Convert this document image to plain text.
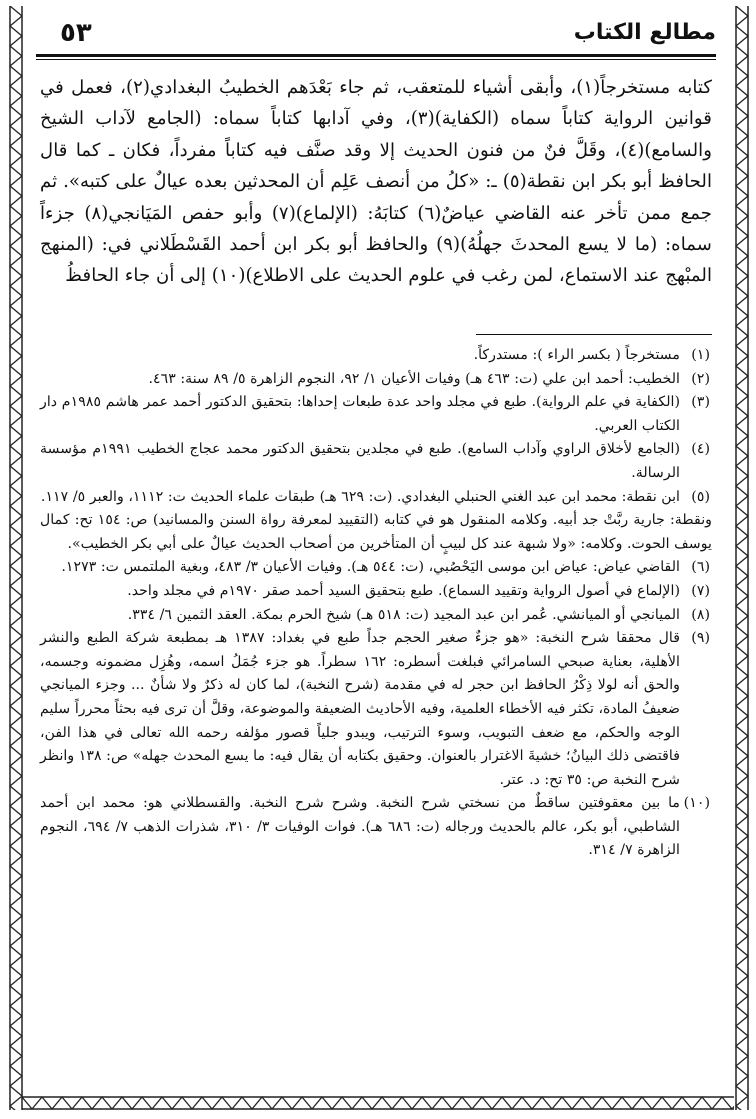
مطالع الكتاب
٥٣

كتابه مستخرجاً(١)، وأبقى أشياء للمتعقب، ثم جاء بَعْدَهم الخطيبُ البغدادي(٢)، فعمل في قوانين الرواية كتاباً سماه (الكفاية)(٣)، وفي آدابها كتاباً سماه: (الجامع لآداب الشيخ والسامع)(٤)، وقَلَّ فنٌ من فنون الحديث إلا وقد صنَّف فيه كتاباً مفرداً، فكان ـ كما قال الحافظ أبو بكر ابن نقطة(٥) ـ: «كلُ من أنصف عَلِم أن المحدثين بعده عيالٌ على كتبه». ثم جمع ممن تأخر عنه القاضي عياضٌ(٦) كتابَهُ: (الإلماع)(٧) وأبو حفص المَيَانجي(٨) جزءاً سماه: (ما لا يسع المحدثَ جهلُهُ)(٩) والحافظ أبو بكر ابن أحمد القَسْطَلاني في: (المنهج المبْهج عند الاستماع، لمن رغب في علوم الحديث على الاطلاع)(١٠) إلى أن جاء الحافظُ

(١)
مستخرجاً ( بكسر الراء ): مستدركاً.

(٢)
الخطيب: أحمد ابن علي (ت: ٤٦٣ هـ) وفيات الأعيان ١/ ٩٢، النجوم الزاهرة ٥/ ٨٩ سنة: ٤٦٣.

(٣)
(الكفاية في علم الرواية). طبع في مجلد واحد عدة طبعات إحداها: بتحقيق الدكتور أحمد عمر هاشم ١٩٨٥م دار الكتاب العربي.

(٤)
(الجامع لأخلاق الراوي وآداب السامع). طبع في مجلدين بتحقيق الدكتور محمد عجاج الخطيب ١٩٩١م مؤسسة الرسالة.

(٥)
ابن نقطة: محمد ابن عبد الغني الحنبلي البغدادي. (ت: ٦٢٩ هـ) طبقات علماء الحديث ت: ١١١٢، والعبر ٥/ ١١٧.

ونقطة: جارية ربَّتْ جد أبيه. وكلامه المنقول هو في كتابه (التقييد لمعرفة رواة السنن والمسانيد) ص: ١٥٤ تح: كمال يوسف الحوت. وكلامه: «ولا شبهة عند كل لبيبٍ أن المتأخرين من أصحاب الحديث عيالٌ على أبي بكر الخطيب».

(٦)
القاضي عياض: عياض ابن موسى اليَحْصُبي، (ت: ٥٤٤ هـ). وفيات الأعيان ٣/ ٤٨٣، وبغية الملتمس ت: ١٢٧٣.

(٧)
(الإلماع في أصول الرواية وتقييد السماع). طبع بتحقيق السيد أحمد صقر ١٩٧٠م في مجلد واحد.

(٨)
الميانجي أو الميانشي. عُمر ابن عبد المجيد (ت: ٥١٨ هـ) شيخ الحرم بمكة. العقد الثمين ٦/ ٣٣٤.

(٩)
قال محققا شرح النخبة: «هو جزءٌ صغير الحجم جداً طبع في بغداد: ١٣٨٧ هـ بمطبعة شركة الطبع والنشر الأهلية، بعناية صبحي السامرائي فبلغت أسطره: ١٦٢ سطراً. هو جزء جُمَلُ اسمه، وهُزِل مضمونه وجسمه، والحق أنه لولا ذِكْرُ الحافظ ابن حجر له في مقدمة (شرح النخبة)، لما كان له ذكرٌ ولا شأنٌ ... وجزء الميانجي ضعيفُ المادة، تكثر فيه الأخطاء العلمية، وفيه الأحاديث الضعيفة والموضوعة، وقلَّ أن ترى فيه بحثاً محرراً سليم الوجه والحكم، مع ضعف التبويب، وسوء الترتيب، ويبدو جلياً قصور مؤلفه رحمه الله تعالى في هذا الفن، فاقتضى ذلك البيانُ؛ خشيةَ الاغترار بالعنوان. وحقيق بكتابه أن يقال فيه: ما يسع المحدث جهله» ص: ١٣٨ وانظر شرح النخبة ص: ٣٥ تح: د. عتر.

(١٠)
ما بين معقوفتين ساقطٌ من نسختي شرح النخبة. وشرح شرح النخبة. والقسطلاني هو: محمد ابن أحمد الشاطبي، أبو بكر، عالم بالحديث ورجاله (ت: ٦٨٦ هـ). فوات الوفيات ٣/ ٣١٠، شذرات الذهب ٧/ ٦٩٤، النجوم الزاهرة ٧/ ٣١٤.
